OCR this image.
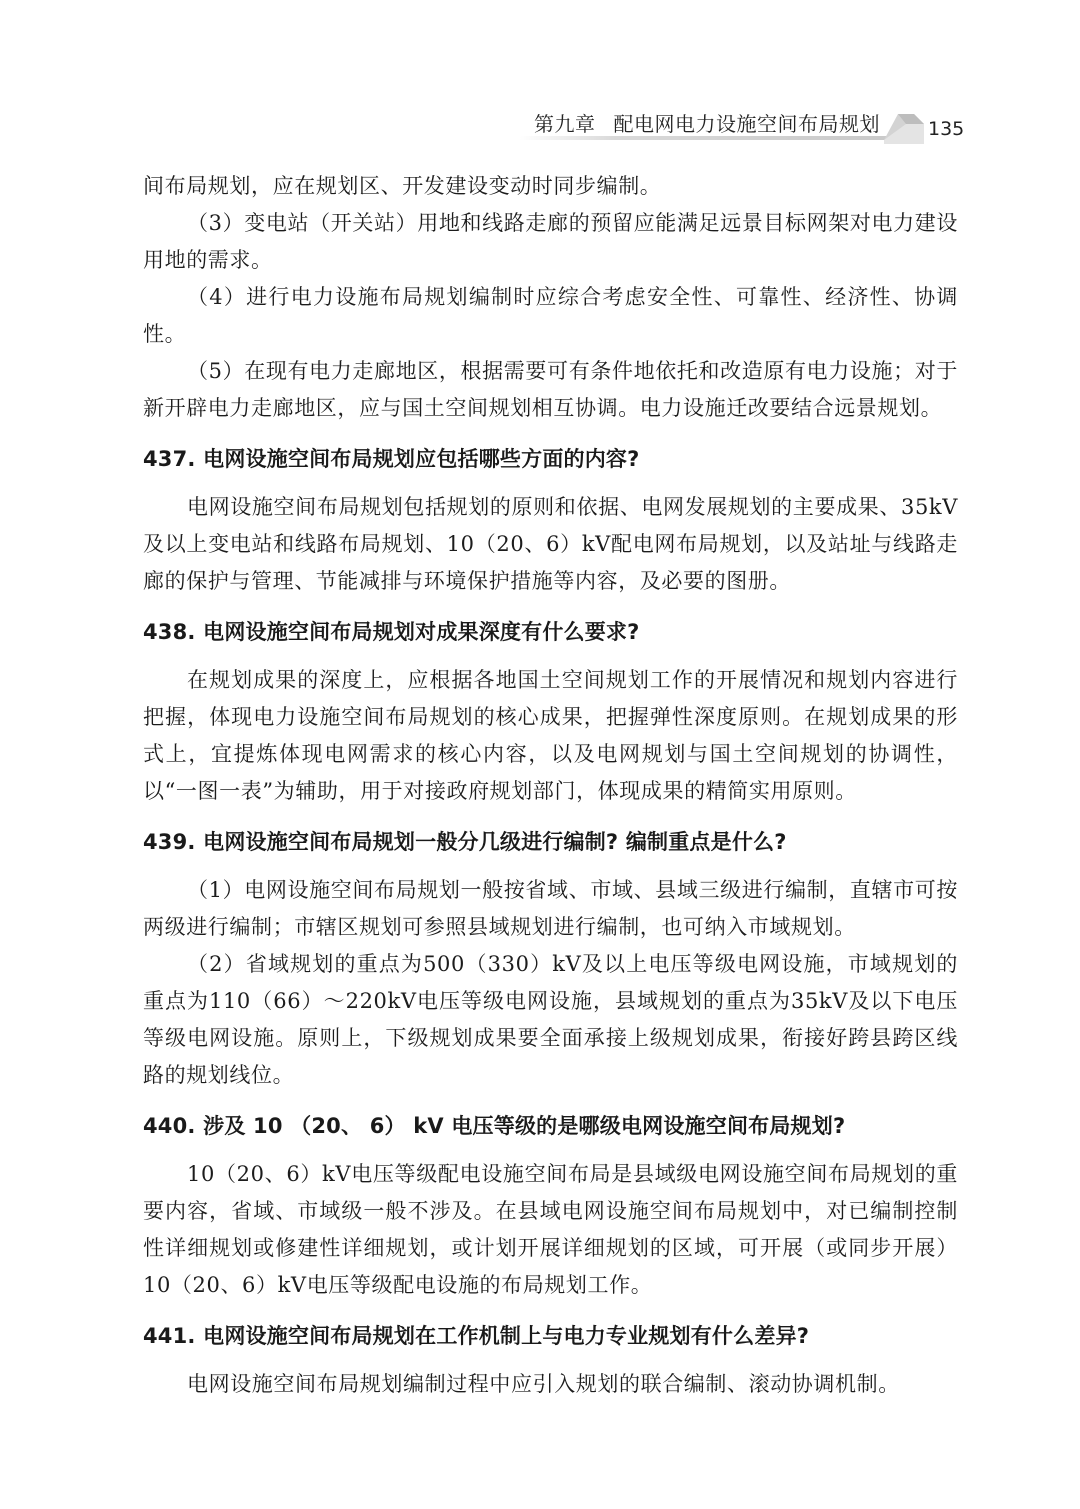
第九章 配电网电力设施空间布局规划	135

间布局规划，应在规划区、开发建设变动时同步编制。

（3）变电站（开关站）用地和线路走廊的预留应能满足远景目标网架对电力建设用地的需求。

（4）进行电力设施布局规划编制时应综合考虑安全性、可靠性、经济性、协调性。

（5）在现有电力走廊地区，根据需要可有条件地依托和改造原有电力设施；对于新开辟电力走廊地区，应与国土空间规划相互协调。电力设施迁改要结合远景规划。

437. 电网设施空间布局规划应包括哪些方面的内容?

电网设施空间布局规划包括规划的原则和依据、电网发展规划的主要成果、35kV及以上变电站和线路布局规划、10（20、6）kV配电网布局规划，以及站址与线路走廊的保护与管理、节能减排与环境保护措施等内容，及必要的图册。

438. 电网设施空间布局规划对成果深度有什么要求?

在规划成果的深度上，应根据各地国土空间规划工作的开展情况和规划内容进行把握，体现电力设施空间布局规划的核心成果，把握弹性深度原则。在规划成果的形式上，宜提炼体现电网需求的核心内容，以及电网规划与国土空间规划的协调性，以“一图一表”为辅助，用于对接政府规划部门，体现成果的精简实用原则。

439. 电网设施空间布局规划一般分几级进行编制? 编制重点是什么?

（1）电网设施空间布局规划一般按省域、市域、县域三级进行编制，直辖市可按两级进行编制；市辖区规划可参照县域规划进行编制，也可纳入市域规划。

（2）省域规划的重点为500（330）kV及以上电压等级电网设施，市域规划的重点为110（66）～220kV电压等级电网设施，县域规划的重点为35kV及以下电压等级电网设施。原则上，下级规划成果要全面承接上级规划成果，衔接好跨县跨区线路的规划线位。

440. 涉及 10 （20、 6） kV 电压等级的是哪级电网设施空间布局规划?

10（20、6）kV电压等级配电设施空间布局是县域级电网设施空间布局规划的重要内容，省域、市域级一般不涉及。在县域电网设施空间布局规划中，对已编制控制性详细规划或修建性详细规划，或计划开展详细规划的区域，可开展（或同步开展）10（20、6）kV电压等级配电设施的布局规划工作。

441. 电网设施空间布局规划在工作机制上与电力专业规划有什么差异?

电网设施空间布局规划编制过程中应引入规划的联合编制、滚动协调机制。
